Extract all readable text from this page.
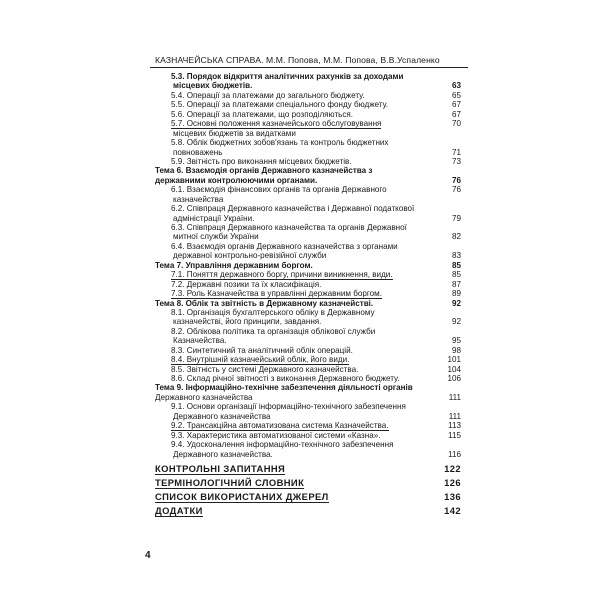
КАЗНАЧЕЙСЬКА СПРАВА. М.М. Попова, М.М. Попова, В.В.Успаленко
5.3. Порядок відкриття аналітичних рахунків за доходами
місцевих бюджетів.	63
5.4. Операції за платежами до загального бюджету.	65
5.5. Операції за платежами спеціального фонду бюджету.	67
5.6. Операції за платежами, що розподіляються.	67
5.7. Основні положення казначейського обслуговування	70
місцевих бюджетів за видатками
5.8. Облік бюджетних зобов'язань та контроль бюджетних
повноважень	71
5.9. Звітність про виконання місцевих бюджетів.	73
Тема 6. Взаємодія органів Державного казначейства з
державними контролюючими органами.	76
6.1. Взаємодія фінансових органів та органів Державного	76
казначейства
6.2. Співпраця Державного казначейства і Державної податкової
адміністрації України.	79
6.3. Співпраця Державного казначейства та органів Державної
митної служби України	82
6.4. Взаємодія органів Державного казначейства з органами
державної контрольно-ревізійної служби	83
Тема 7. Управління державним боргом.	85
7.1. Поняття державного боргу, причини виникнення, види.	85
7.2. Державні позики та їх класифікація.	87
7.3. Роль Казначейства в управлінні державним боргом.	89
Тема 8. Облік та звітність в Державному казначействі.	92
8.1. Організація бухгалтерського обліку в Державному
казначействі, його принципи, завдання.	92
8.2. Облікова політика та організація облікової служби
Казначейства.	95
8.3. Синтетичний та аналітичний облік операцій.	98
8.4. Внутрішній казначейський облік, його види.	101
8.5. Звітність у системі Державного казначейства.	104
8.6. Склад річної звітності з виконання Державного бюджету.	106
Тема 9. Інформаційно-технічне забезпечення діяльності органів
Державного казначейства	111
9.1. Основи організації інформаційно-технічного забезпечення
Державного казначейства	111
9.2. Трансакційна автоматизована система Казначейства.	113
9.3. Характеристика автоматизованої системи «Казна».	115
9.4. Удосконалення інформаційно-технічного забезпечення
Державного казначейства.	116
КОНТРОЛЬНІ ЗАПИТАННЯ	122
ТЕРМІНОЛОГІЧНИЙ СЛОВНИК	126
СПИСОК ВИКОРИСТАНИХ ДЖЕРЕЛ	136
ДОДАТКИ	142
4
